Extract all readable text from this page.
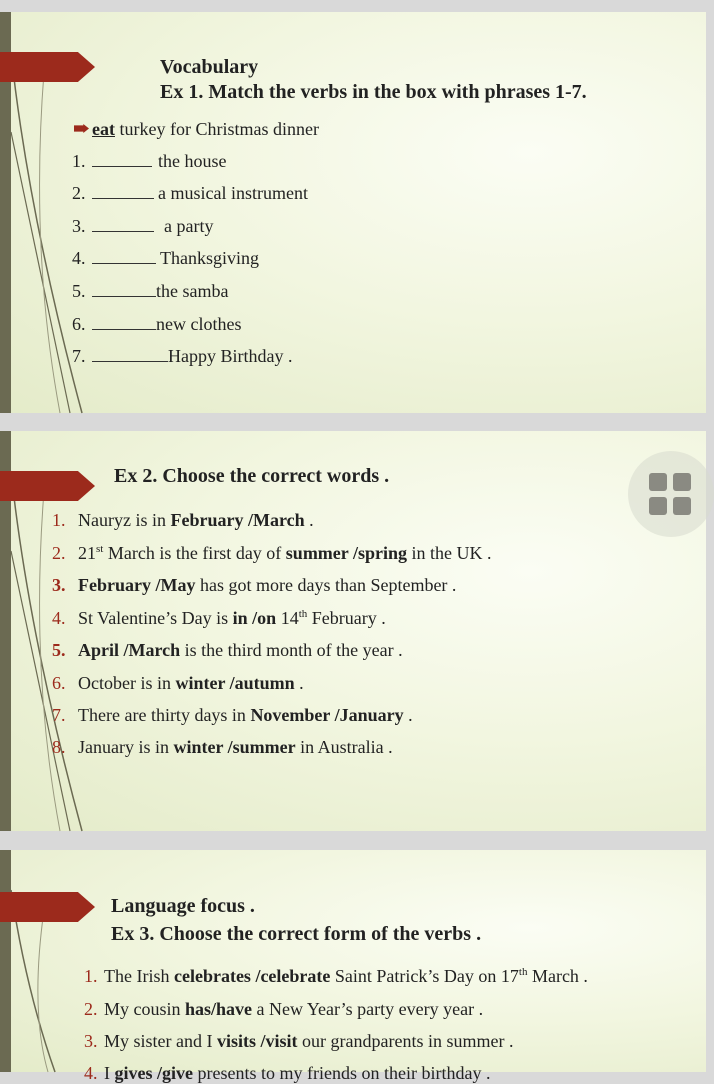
Vocabulary
Ex 1. Match the verbs in the box with phrases 1-7.
eat turkey for Christmas dinner
1.	the house
2.	a musical instrument
3.	a party
4.	Thanksgiving
5.	the samba
6.	new clothes
7.	Happy Birthday .
Ex 2. Choose the correct words .
1. Nauryz is in February /March .
2. 21st March is the first day of summer /spring in the UK .
3. February /May has got more days than September .
4. St Valentine’s Day is in /on 14th February .
5. April /March is the third month of the year .
6. October is in winter /autumn .
7. There are thirty days in November /January .
8. January is in winter /summer in Australia .
Language focus .
Ex 3. Choose the correct form of the verbs .
1. The Irish celebrates /celebrate Saint Patrick’s Day on 17th March .
2. My cousin has/have a New Year’s party every year .
3. My sister and I visits /visit our grandparents in summer .
4. I gives /give presents to my friends on their birthday .
